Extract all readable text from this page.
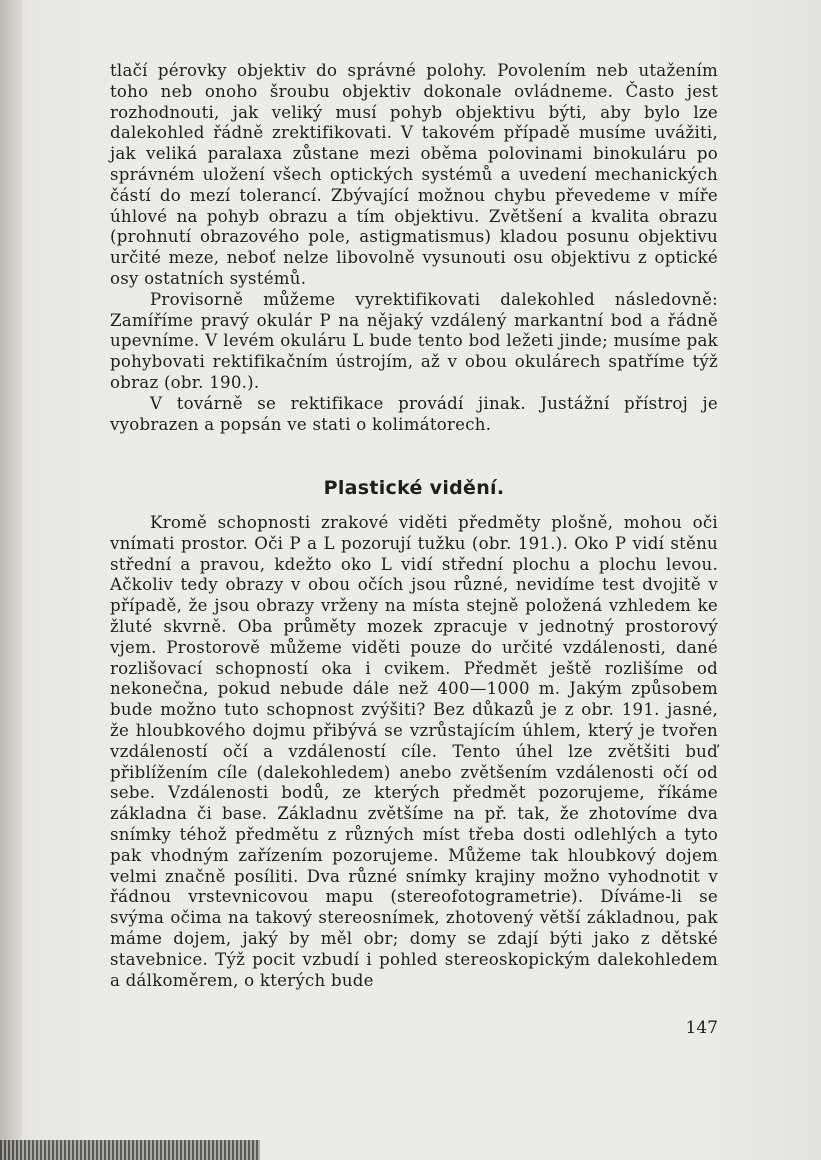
tlačí pérovky objektiv do správné polohy. Povolením neb utažením toho neb onoho šroubu objektiv dokonale ovládneme. Často jest rozhodnouti, jak veliký musí pohyb objektivu býti, aby bylo lze dalekohled řádně zrektifikovati. V takovém případě musíme uvážiti, jak veliká paralaxa zůstane mezi oběma polovinami binokuláru po správném uložení všech optických systémů a uvedení mechanických částí do mezí tolerancí. Zbývající možnou chybu převedeme v míře úhlové na pohyb obrazu a tím objektivu. Zvětšení a kvalita obrazu (prohnutí obrazového pole, astigmatismus) kladou posunu objektivu určité meze, neboť nelze libovolně vysunouti osu objektivu z optické osy ostatních systémů.

Provisorně můžeme vyrektifikovati dalekohled následovně: Zamíříme pravý okulár P na nějaký vzdálený markantní bod a řádně upevníme. V levém okuláru L bude tento bod ležeti jinde; musíme pak pohybovati rektifikačním ústrojím, až v obou okulárech spatříme týž obraz (obr. 190.).

V továrně se rektifikace provádí jinak. Justážní přístroj je vyobrazen a popsán ve stati o kolimátorech.

Plastické vidění.

Kromě schopnosti zrakové viděti předměty plošně, mohou oči vnímati prostor. Oči P a L pozorují tužku (obr. 191.). Oko P vidí stěnu střední a pravou, kdežto oko L vidí střední plochu a plochu levou. Ačkoliv tedy obrazy v obou očích jsou různé, nevidíme test dvojitě v případě, že jsou obrazy vrženy na místa stejně položená vzhledem ke žluté skvrně. Oba průměty mozek zpracuje v jednotný prostorový vjem. Prostorově můžeme viděti pouze do určité vzdálenosti, dané rozlišovací schopností oka i cvikem. Předmět ještě rozlišíme od nekonečna, pokud nebude dále než 400—1000 m. Jakým způsobem bude možno tuto schopnost zvýšiti? Bez důkazů je z obr. 191. jasné, že hloubkového dojmu přibývá se vzrůstajícím úhlem, který je tvořen vzdáleností očí a vzdáleností cíle. Tento úhel lze zvětšiti buď přiblížením cíle (dalekohledem) anebo zvětšením vzdálenosti očí od sebe. Vzdálenosti bodů, ze kterých předmět pozorujeme, říkáme základna či base. Základnu zvětšíme na př. tak, že zhotovíme dva snímky téhož předmětu z různých míst třeba dosti odlehlých a tyto pak vhodným zařízením pozorujeme. Můžeme tak hloubkový dojem velmi značně posíliti. Dva různé snímky krajiny možno vyhodnotit v řádnou vrstevnicovou mapu (stereofotogrametrie). Díváme-li se svýma očima na takový stereosnímek, zhotovený větší základnou, pak máme dojem, jaký by měl obr; domy se zdají býti jako z dětské stavebnice. Týž pocit vzbudí i pohled stereoskopickým dalekohledem a dálkoměrem, o kterých bude

147
